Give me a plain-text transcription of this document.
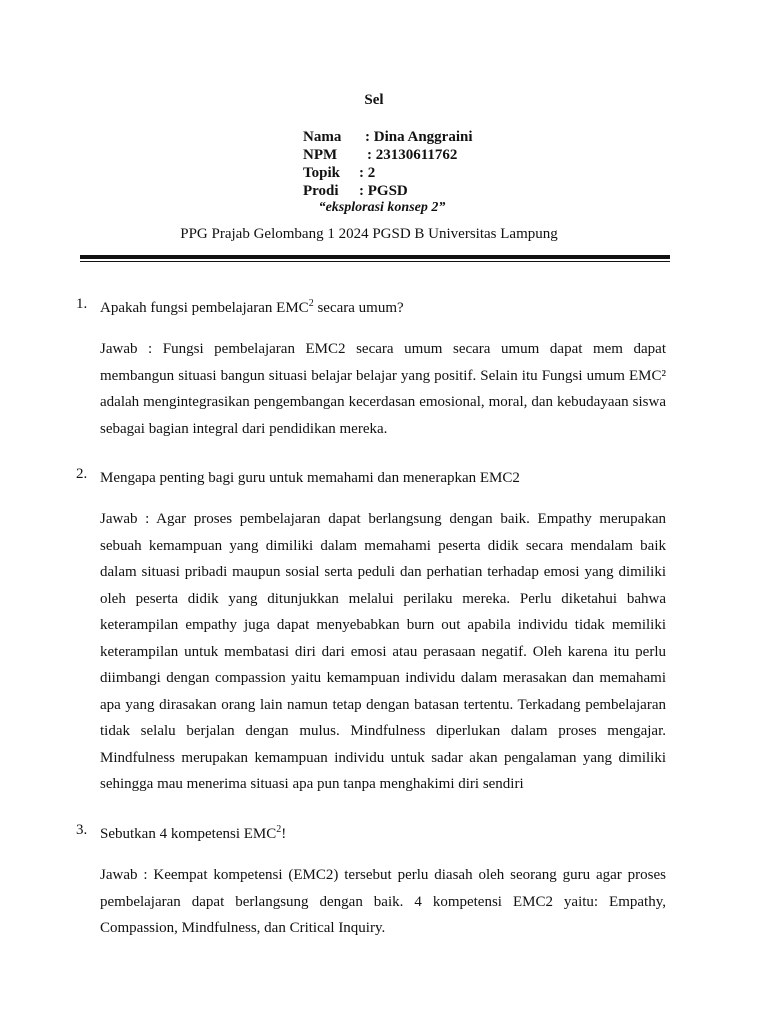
Sel
Nama	: Dina Anggraini
NPM	: 23130611762
Topik	: 2
Prodi	: PGSD
“eksplorasi konsep 2”
PPG Prajab Gelombang 1 2024 PGSD B Universitas Lampung
1. Apakah fungsi pembelajaran EMC$^2$ secara umum?
Jawab : Fungsi pembelajaran EMC2 secara umum secara umum dapat mem dapat membangun situasi bangun situasi belajar belajar yang positif. Selain itu Fungsi umum EMC² adalah mengintegrasikan pengembangan kecerdasan emosional, moral, dan kebudayaan siswa sebagai bagian integral dari pendidikan mereka.
2. Mengapa penting bagi guru untuk memahami dan menerapkan EMC2
Jawab : Agar proses pembelajaran dapat berlangsung dengan baik. Empathy merupakan sebuah kemampuan yang dimiliki dalam memahami peserta didik secara mendalam baik dalam situasi pribadi maupun sosial serta peduli dan perhatian terhadap emosi yang dimiliki oleh peserta didik yang ditunjukkan melalui perilaku mereka. Perlu diketahui bahwa keterampilan empathy juga dapat menyebabkan burn out apabila individu tidak memiliki keterampilan untuk membatasi diri dari emosi atau perasaan negatif. Oleh karena itu perlu diimbangi dengan compassion yaitu kemampuan individu dalam merasakan dan memahami apa yang dirasakan orang lain namun tetap dengan batasan tertentu. Terkadang pembelajaran tidak selalu berjalan dengan mulus. Mindfulness diperlukan dalam proses mengajar. Mindfulness merupakan kemampuan individu untuk sadar akan pengalaman yang dimiliki sehingga mau menerima situasi apa pun tanpa menghakimi diri sendiri
3. Sebutkan 4 kompetensi EMC$^2$!
Jawab : Keempat kompetensi (EMC2) tersebut perlu diasah oleh seorang guru agar proses pembelajaran dapat berlangsung dengan baik. 4 kompetensi EMC2 yaitu: Empathy, Compassion, Mindfulness, dan Critical Inquiry.
